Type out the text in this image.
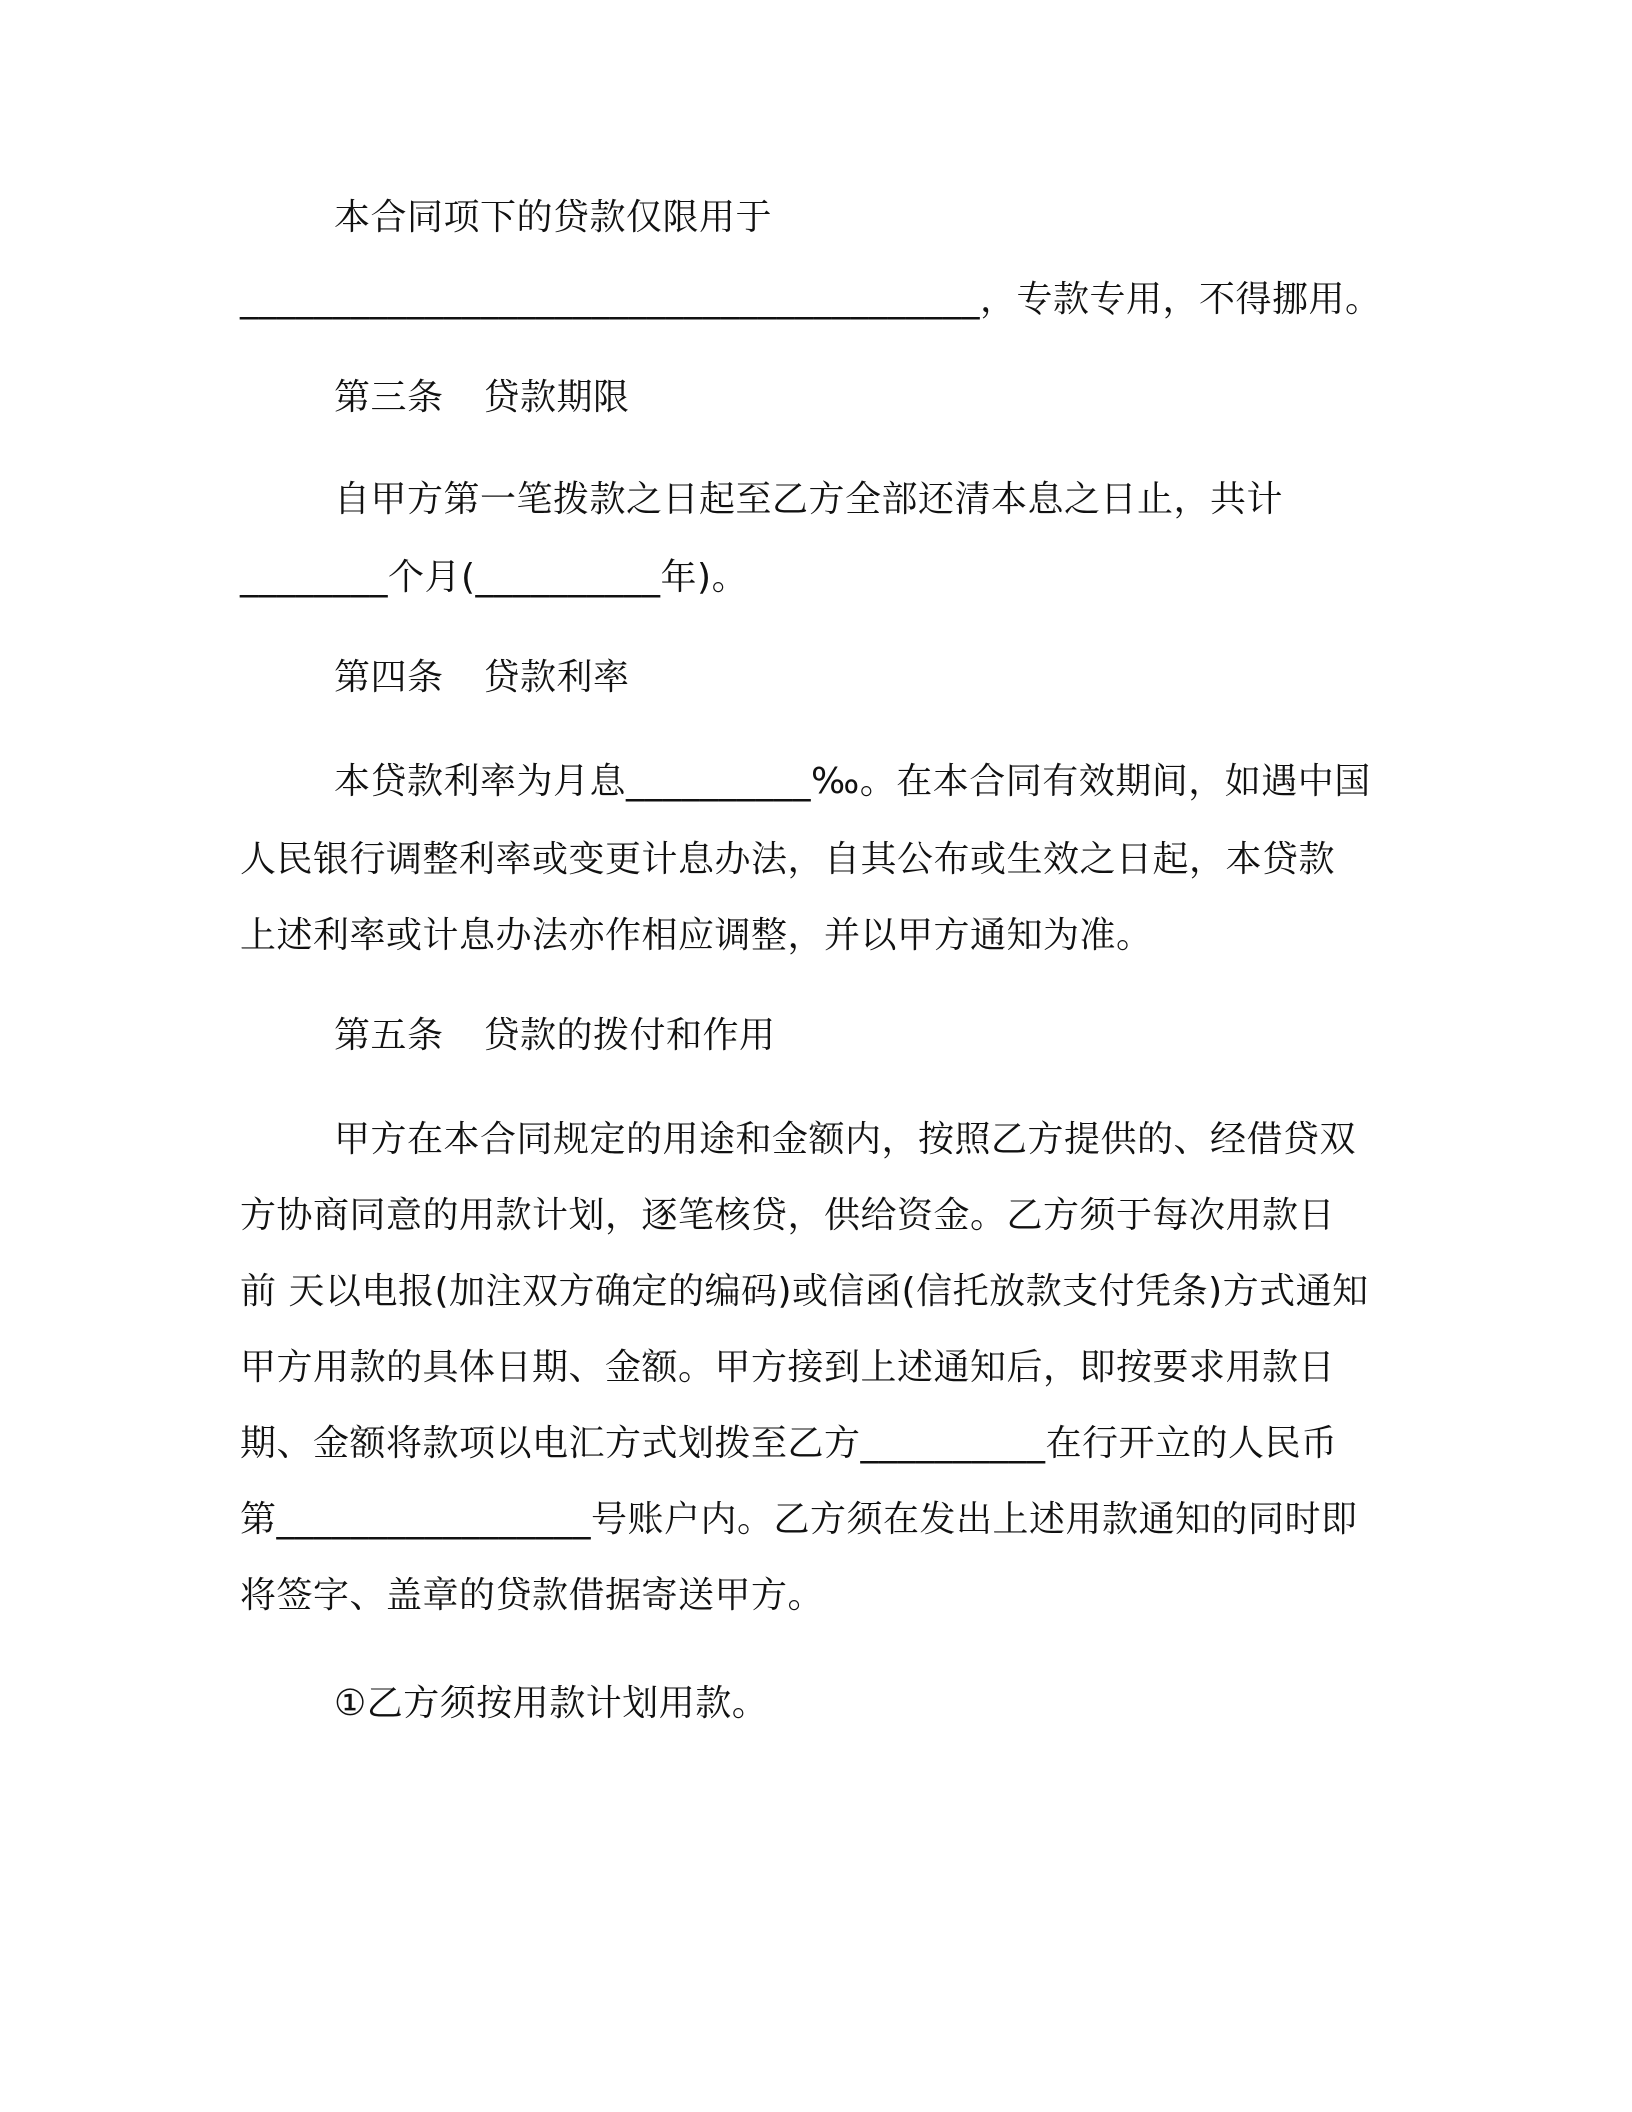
本合同项下的贷款仅限用于
________________________________________，专款专用，不得挪用。
第三条 贷款期限
自甲方第一笔拨款之日起至乙方全部还清本息之日止，共计
________个月(__________年)。
第四条 贷款利率
本贷款利率为月息__________‰。在本合同有效期间，如遇中国
人民银行调整利率或变更计息办法，自其公布或生效之日起，本贷款
上述利率或计息办法亦作相应调整，并以甲方通知为准。
第五条 贷款的拨付和作用
甲方在本合同规定的用途和金额内，按照乙方提供的、经借贷双
方协商同意的用款计划，逐笔核贷，供给资金。乙方须于每次用款日
前 天以电报(加注双方确定的编码)或信函(信托放款支付凭条)方式通知
甲方用款的具体日期、金额。甲方接到上述通知后，即按要求用款日
期、金额将款项以电汇方式划拨至乙方__________在行开立的人民币
第_________________号账户内。乙方须在发出上述用款通知的同时即
将签字、盖章的贷款借据寄送甲方。
①乙方须按用款计划用款。
